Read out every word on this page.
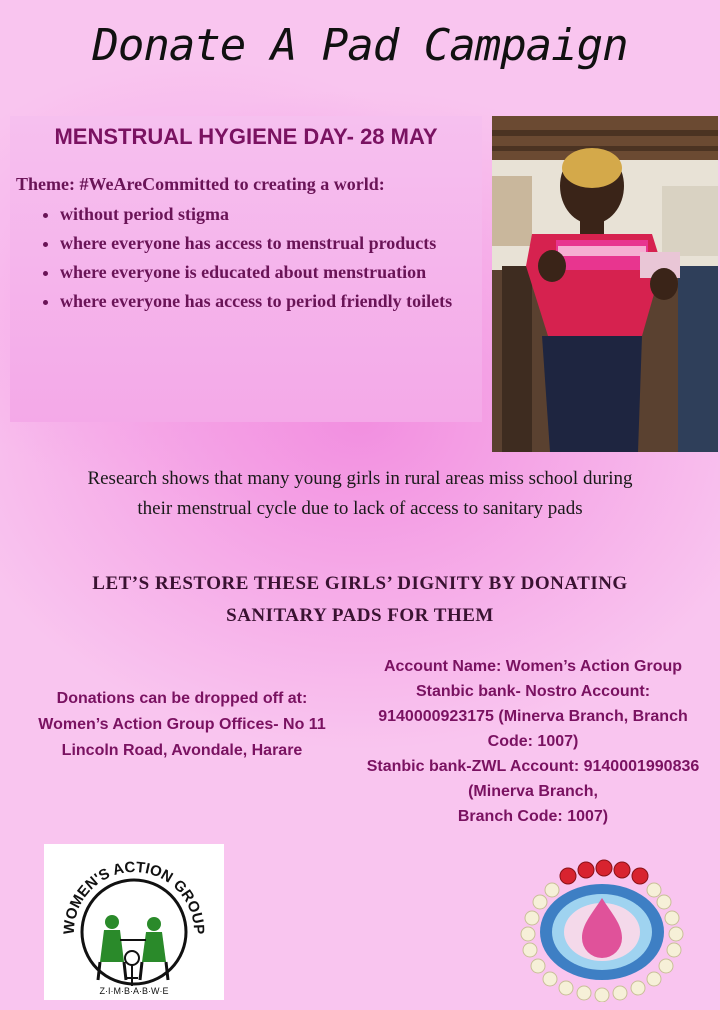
Donate A Pad Campaign
MENSTRUAL HYGIENE DAY- 28 MAY
Theme: #WeAreCommitted to creating a world:
• without period stigma
• where everyone has access to menstrual products
• where everyone is educated about menstruation
• where everyone has access to period friendly toilets
Research shows that many young girls in rural areas miss school during
their menstrual cycle due to lack of access to sanitary pads
LET’S RESTORE THESE GIRLS’ DIGNITY BY DONATING
SANITARY PADS FOR THEM
Donations can be dropped off at:
Women’s Action Group Offices- No 11
Lincoln Road, Avondale, Harare
Account Name: Women’s Action Group
Stanbic bank- Nostro Account:
9140000923175 (Minerva Branch, Branch
Code: 1007)
Stanbic bank-ZWL Account: 9140001990836
(Minerva Branch,
Branch Code: 1007)
WOMEN'S ACTION GROUP
Z·I·M·B·A·B·W·E
